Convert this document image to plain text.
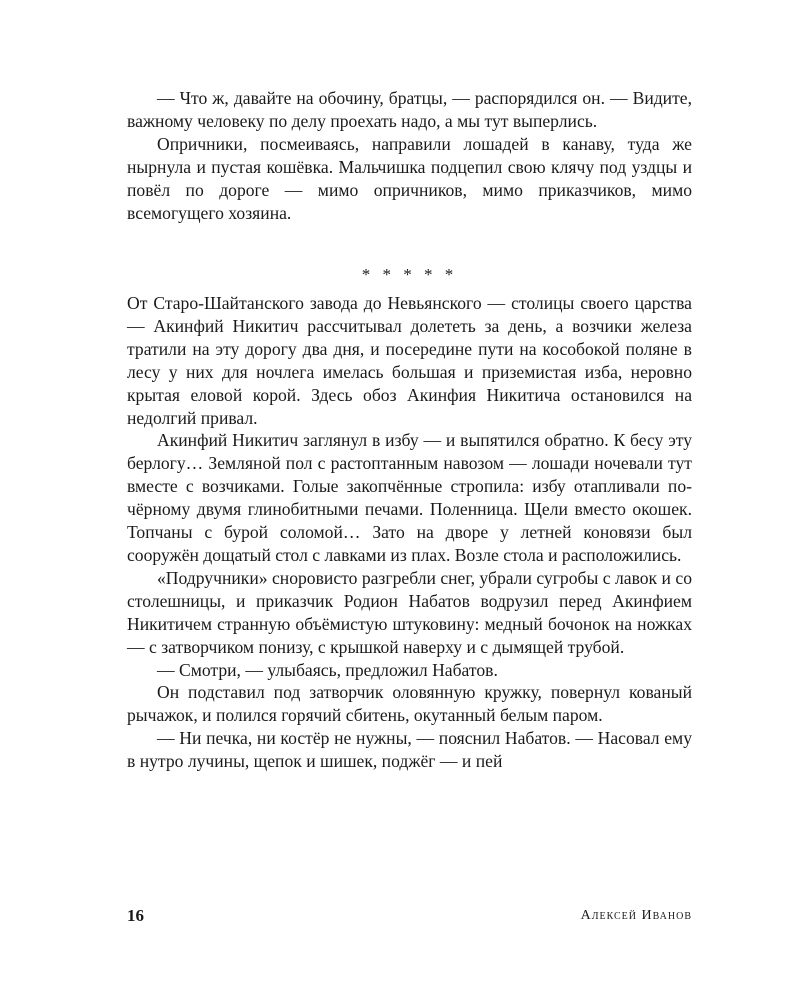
— Что ж, давайте на обочину, братцы, — распорядился он. — Видите, важному человеку по делу проехать надо, а мы тут выперлись.

Опричники, посмеиваясь, направили лошадей в канаву, туда же нырнула и пустая кошёвка. Мальчишка подцепил свою клячу под уздцы и повёл по дороге — мимо опричников, мимо приказчиков, мимо всемогущего хозяина.

* * * * *

От Старо-Шайтанского завода до Невьянского — столицы своего царства — Акинфий Никитич рассчитывал долететь за день, а возчики железа тратили на эту дорогу два дня, и посередине пути на кособокой поляне в лесу у них для ночлега имелась большая и приземистая изба, неровно крытая еловой корой. Здесь обоз Акинфия Никитича остановился на недолгий привал.

Акинфий Никитич заглянул в избу — и выпятился обратно. К бесу эту берлогу… Земляной пол с растоптанным навозом — лошади ночевали тут вместе с возчиками. Голые закопчённые стропила: избу отапливали по-чёрному двумя глинобитными печами. Поленница. Щели вместо окошек. Топчаны с бурой соломой… Зато на дворе у летней коновязи был сооружён дощатый стол с лавками из плах. Возле стола и расположились.

«Подручники» сноровисто разгребли снег, убрали сугробы с лавок и со столешницы, и приказчик Родион Набатов водрузил перед Акинфием Никитичем странную объёмистую штуковину: медный бочонок на ножках — с затворчиком понизу, с крышкой наверху и с дымящей трубой.

— Смотри, — улыбаясь, предложил Набатов.

Он подставил под затворчик оловянную кружку, повернул кованый рычажок, и полился горячий сбитень, окутанный белым паром.

— Ни печка, ни костёр не нужны, — пояснил Набатов. — Насовал ему в нутро лучины, щепок и шишек, поджёг — и пей

16	Алексей Иванов
